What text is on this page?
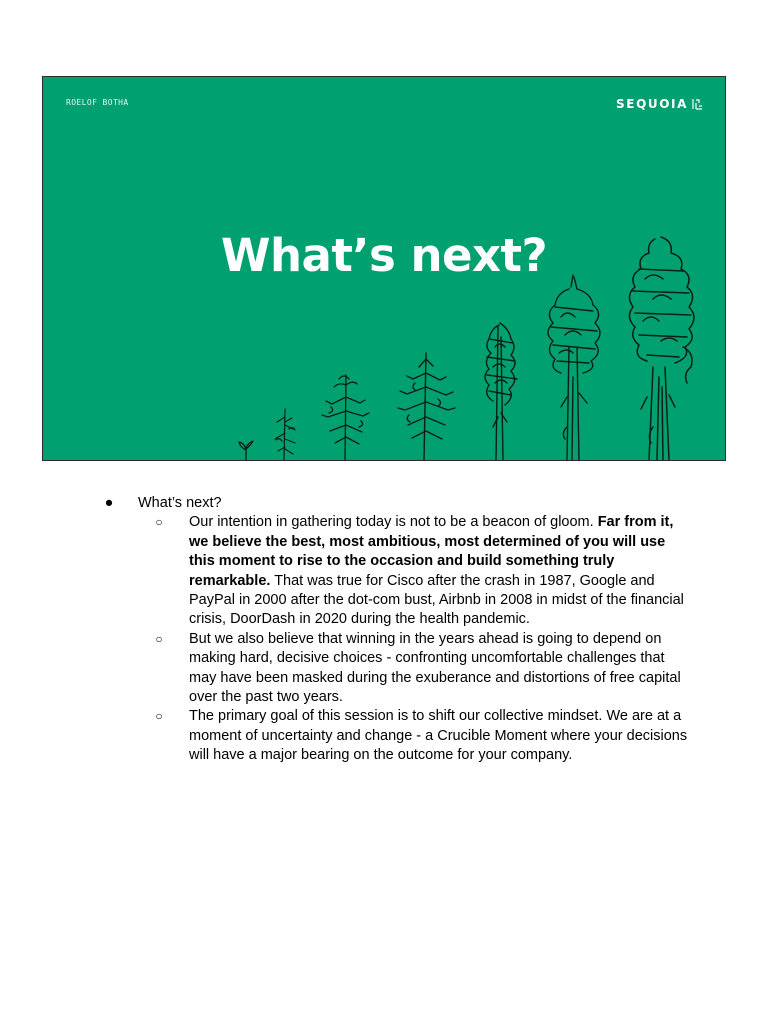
ROELOF BOTHA	SEQUOIA
What’s next?
● What’s next?
○ Our intention in gathering today is not to be a beacon of gloom. Far from it, we believe the best, most ambitious, most determined of you will use this moment to rise to the occasion and build something truly remarkable. That was true for Cisco after the crash in 1987, Google and PayPal in 2000 after the dot-com bust, Airbnb in 2008 in midst of the financial crisis, DoorDash in 2020 during the health pandemic.
○ But we also believe that winning in the years ahead is going to depend on making hard, decisive choices - confronting uncomfortable challenges that may have been masked during the exuberance and distortions of free capital over the past two years.
○ The primary goal of this session is to shift our collective mindset. We are at a moment of uncertainty and change - a Crucible Moment where your decisions will have a major bearing on the outcome for your company.
